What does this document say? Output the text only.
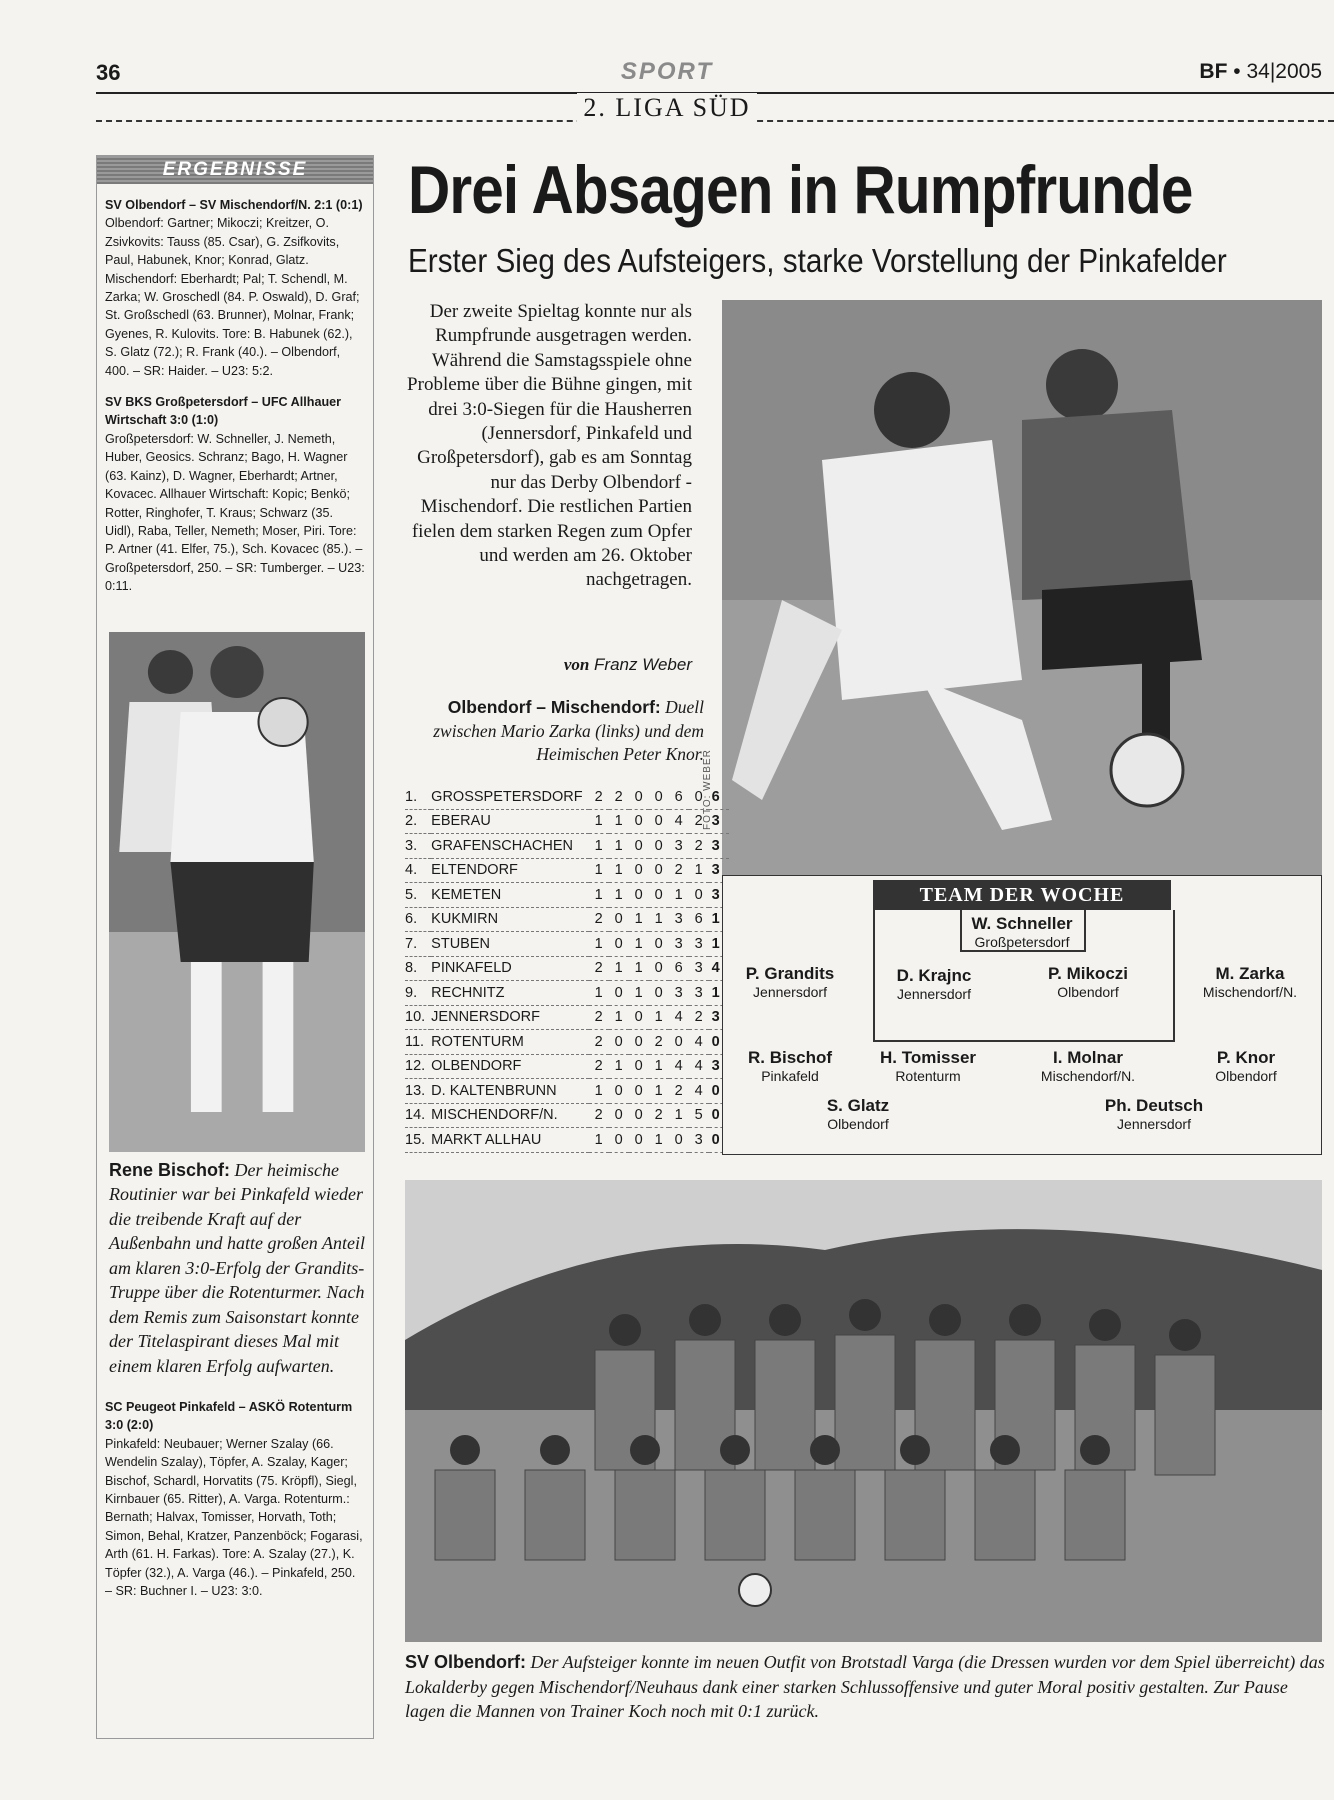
36	SPORT	BF • 34|2005
2. LIGA SÜD
ERGEBNISSE

SV Olbendorf – SV Mischendorf/N. 2:1 (0:1)
Olbendorf: Gartner; Mikoczi; Kreitzer, O. Zsivkovits: Tauss (85. Csar), G. Zsifkovits, Paul, Habunek, Knor; Konrad, Glatz. Mischendorf: Eberhardt; Pal; T. Schendl, M. Zarka; W. Groschedl (84. P. Oswald), D. Graf; St. Großschedl (63. Brunner), Molnar, Frank; Gyenes, R. Kulovits. Tore: B. Habunek (62.), S. Glatz (72.); R. Frank (40.). – Olbendorf, 400. – SR: Haider. – U23: 5:2.

SV BKS Großpetersdorf – UFC Allhauer Wirtschaft 3:0 (1:0)
Großpetersdorf: W. Schneller, J. Nemeth, Huber, Geosics. Schranz; Bago, H. Wagner (63. Kainz), D. Wagner, Eberhardt; Artner, Kovacec. Allhauer Wirtschaft: Kopic; Benkö; Rotter, Ringhofer, T. Kraus; Schwarz (35. Uidl), Raba, Teller, Nemeth; Moser, Piri. Tore: P. Artner (41. Elfer, 75.), Sch. Kovacec (85.). – Großpetersdorf, 250. – SR: Tumberger. – U23: 0:11.

Rene Bischof: Der heimische Routinier war bei Pinkafeld wieder die treibende Kraft auf der Außenbahn und hatte großen Anteil am klaren 3:0-Erfolg der Grandits-Truppe über die Rotenturmer. Nach dem Remis zum Saisonstart konnte der Titelaspirant dieses Mal mit einem klaren Erfolg aufwarten.

SC Peugeot Pinkafeld – ASKÖ Rotenturm 3:0 (2:0)
Pinkafeld: Neubauer; Werner Szalay (66. Wendelin Szalay), Töpfer, A. Szalay, Kager; Bischof, Schardl, Horvatits (75. Kröpfl), Siegl, Kirnbauer (65. Ritter), A. Varga. Rotenturm.: Bernath; Halvax, Tomisser, Horvath, Toth; Simon, Behal, Kratzer, Panzenböck; Fogarasi, Arth (61. H. Farkas). Tore: A. Szalay (27.), K. Töpfer (32.), A. Varga (46.). – Pinkafeld, 250. – SR: Buchner I. – U23: 3:0.

Drei Absagen in Rumpfrunde
Erster Sieg des Aufsteigers, starke Vorstellung der Pinkafelder
Der zweite Spieltag konnte nur als Rumpfrunde ausgetragen werden. Während die Samstagsspiele ohne Probleme über die Bühne gingen, mit drei 3:0-Siegen für die Hausherren (Jennersdorf, Pinkafeld und Großpetersdorf), gab es am Sonntag nur das Derby Olbendorf - Mischendorf. Die restlichen Partien fielen dem starken Regen zum Opfer und werden am 26. Oktober nachgetragen.
von Franz Weber
Olbendorf – Mischendorf: Duell zwischen Mario Zarka (links) und dem Heimischen Peter Knor.
FOTO: WEBER
1.	GROSSPETERSDORF	2	2	0	0	6	0	6
2.	EBERAU	1	1	0	0	4	2	3
3.	GRAFENSCHACHEN	1	1	0	0	3	2	3
4.	ELTENDORF	1	1	0	0	2	1	3
5.	KEMETEN	1	1	0	0	1	0	3
6.	KUKMIRN	2	0	1	1	3	6	1
7.	STUBEN	1	0	1	0	3	3	1
8.	PINKAFELD	2	1	1	0	6	3	4
9.	RECHNITZ	1	0	1	0	3	3	1
10.	JENNERSDORF	2	1	0	1	4	2	3
11.	ROTENTURM	2	0	0	2	0	4	0
12.	OLBENDORF	2	1	0	1	4	4	3
13.	D. KALTENBRUNN	1	0	0	1	2	4	0
14.	MISCHENDORF/N.	2	0	0	2	1	5	0
15.	MARKT ALLHAU	1	0	0	1	0	3	0
TEAM DER WOCHE
W. Schneller
Großpetersdorf
P. Grandits
Jennersdorf
D. Krajnc
Jennersdorf
P. Mikoczi
Olbendorf
M. Zarka
Mischendorf/N.
R. Bischof
Pinkafeld
H. Tomisser
Rotenturm
I. Molnar
Mischendorf/N.
P. Knor
Olbendorf
S. Glatz
Olbendorf
Ph. Deutsch
Jennersdorf
SV Olbendorf: Der Aufsteiger konnte im neuen Outfit von Brotstadl Varga (die Dressen wurden vor dem Spiel überreicht) das Lokalderby gegen Mischendorf/Neuhaus dank einer starken Schlussoffensive und guter Moral positiv gestalten. Zur Pause lagen die Mannen von Trainer Koch noch mit 0:1 zurück.
